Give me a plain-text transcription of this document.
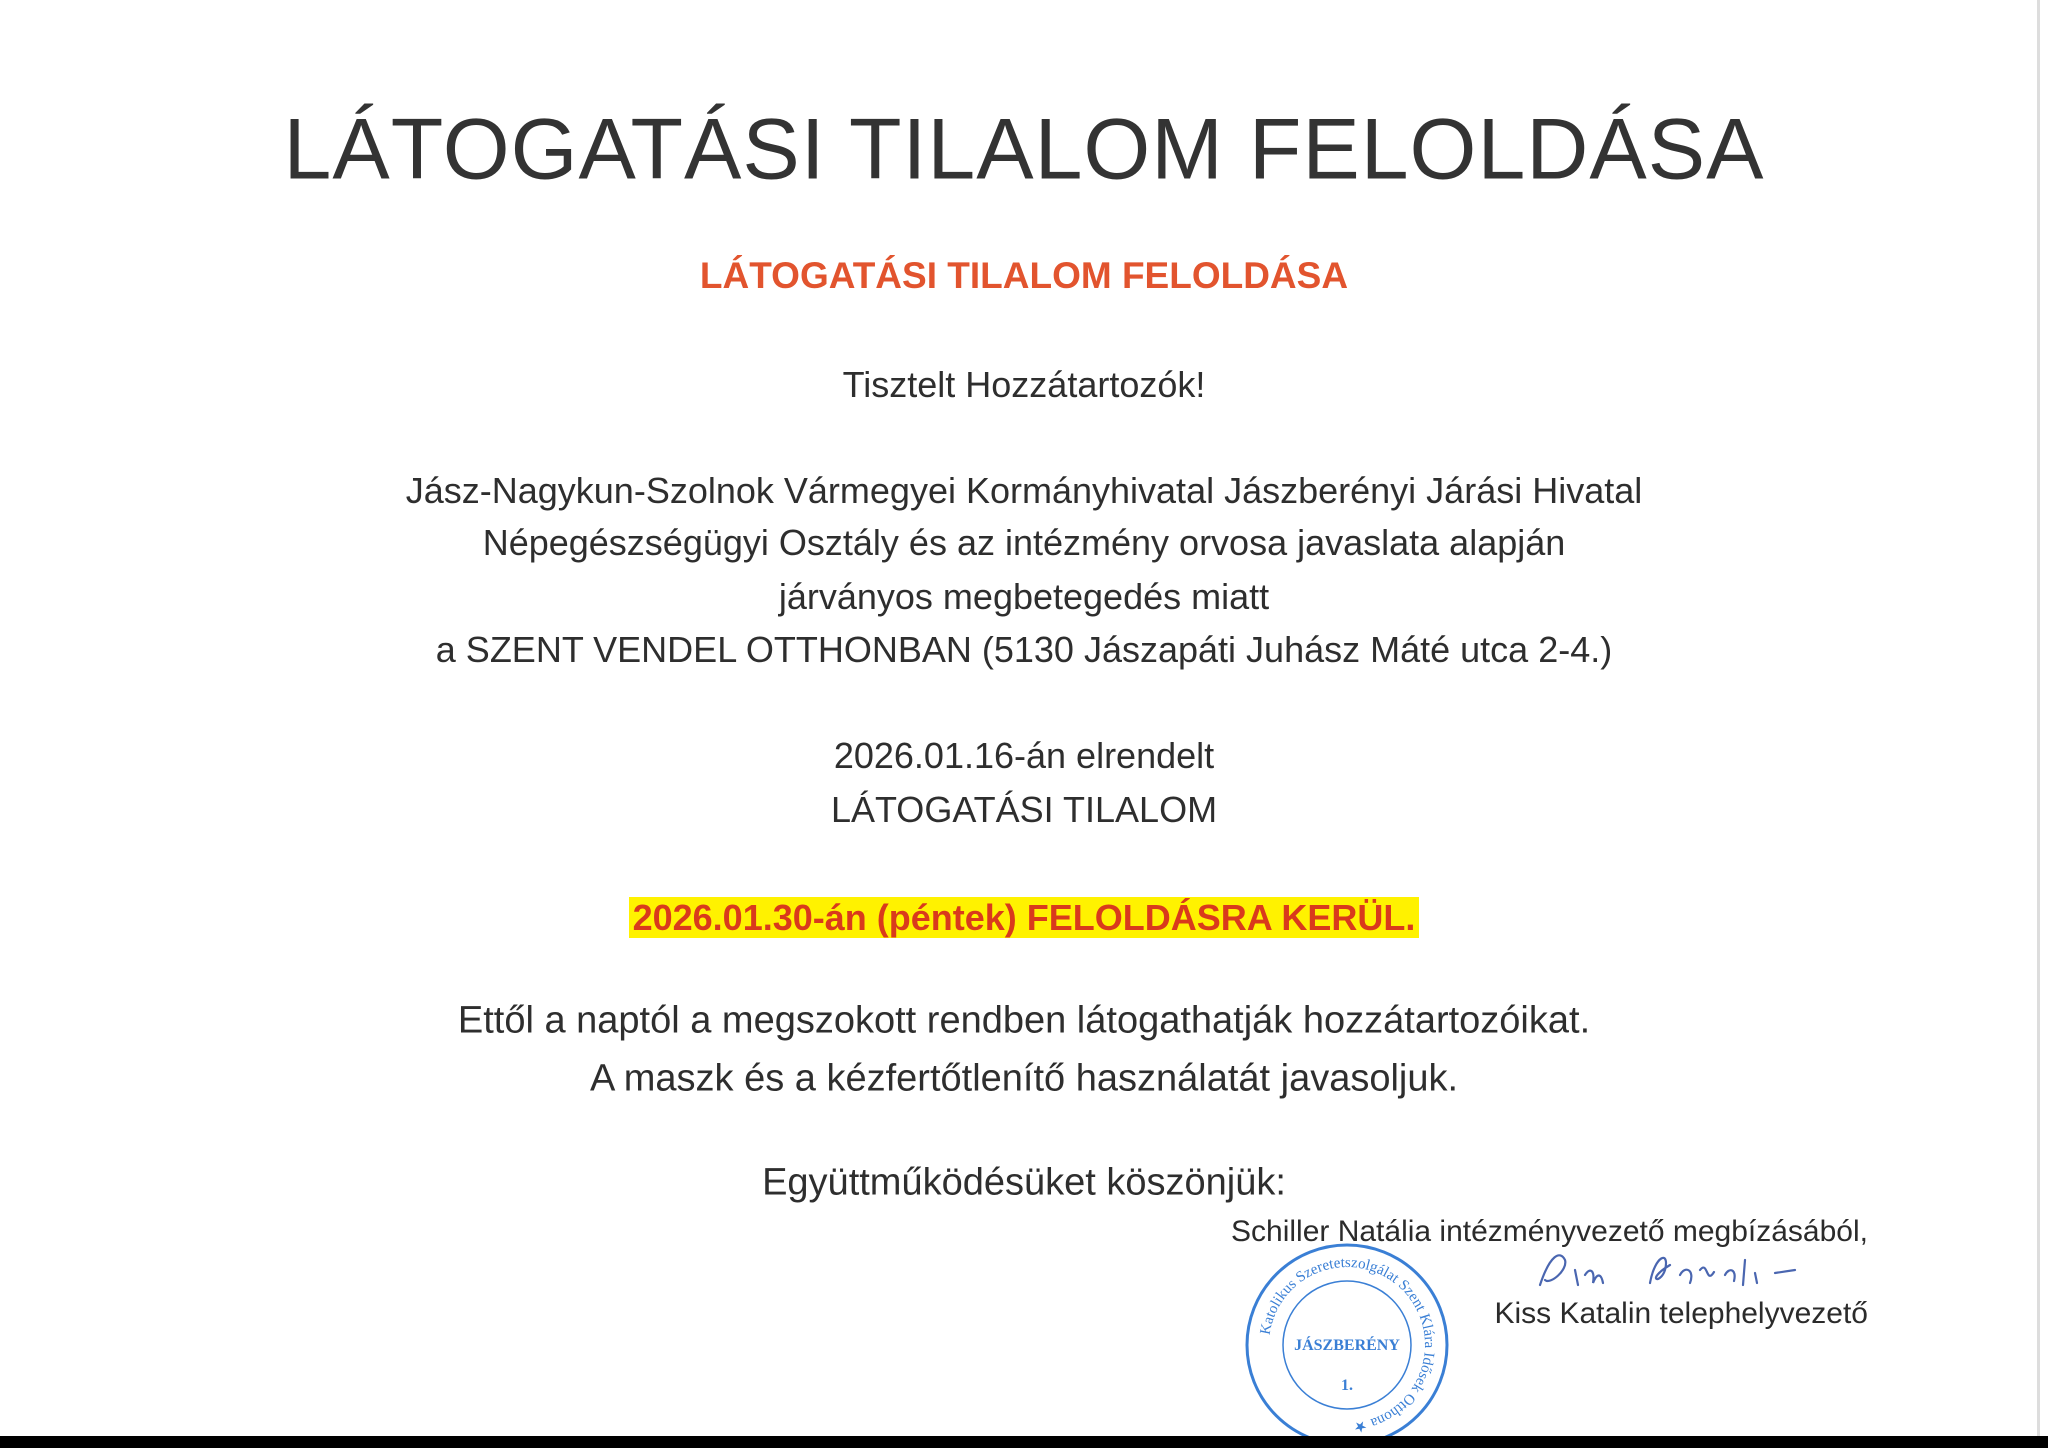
LÁTOGATÁSI TILALOM FELOLDÁSA
LÁTOGATÁSI TILALOM FELOLDÁSA
Tisztelt Hozzátartozók!
Jász-Nagykun-Szolnok Vármegyei Kormányhivatal Jászberényi Járási Hivatal
Népegészségügyi Osztály és az intézmény orvosa javaslata alapján
járványos megbetegedés miatt
a SZENT VENDEL OTTHONBAN (5130 Jászapáti Juhász Máté utca 2-4.)
2026.01.16-án elrendelt
LÁTOGATÁSI TILALOM
2026.01.30-án (péntek) FELOLDÁSRA KERÜL.
Ettől a naptól a megszokott rendben látogathatják hozzátartozóikat.
A maszk és a kézfertőtlenítő használatát javasoljuk.
Együttműködésüket köszönjük:
Schiller Natália intézményvezető megbízásából,
Kiss Katalin telephelyvezető
Katolikus Szeretetszolgálat Szent Klára Idősek Otthona ★
JÁSZBERÉNY
1.
